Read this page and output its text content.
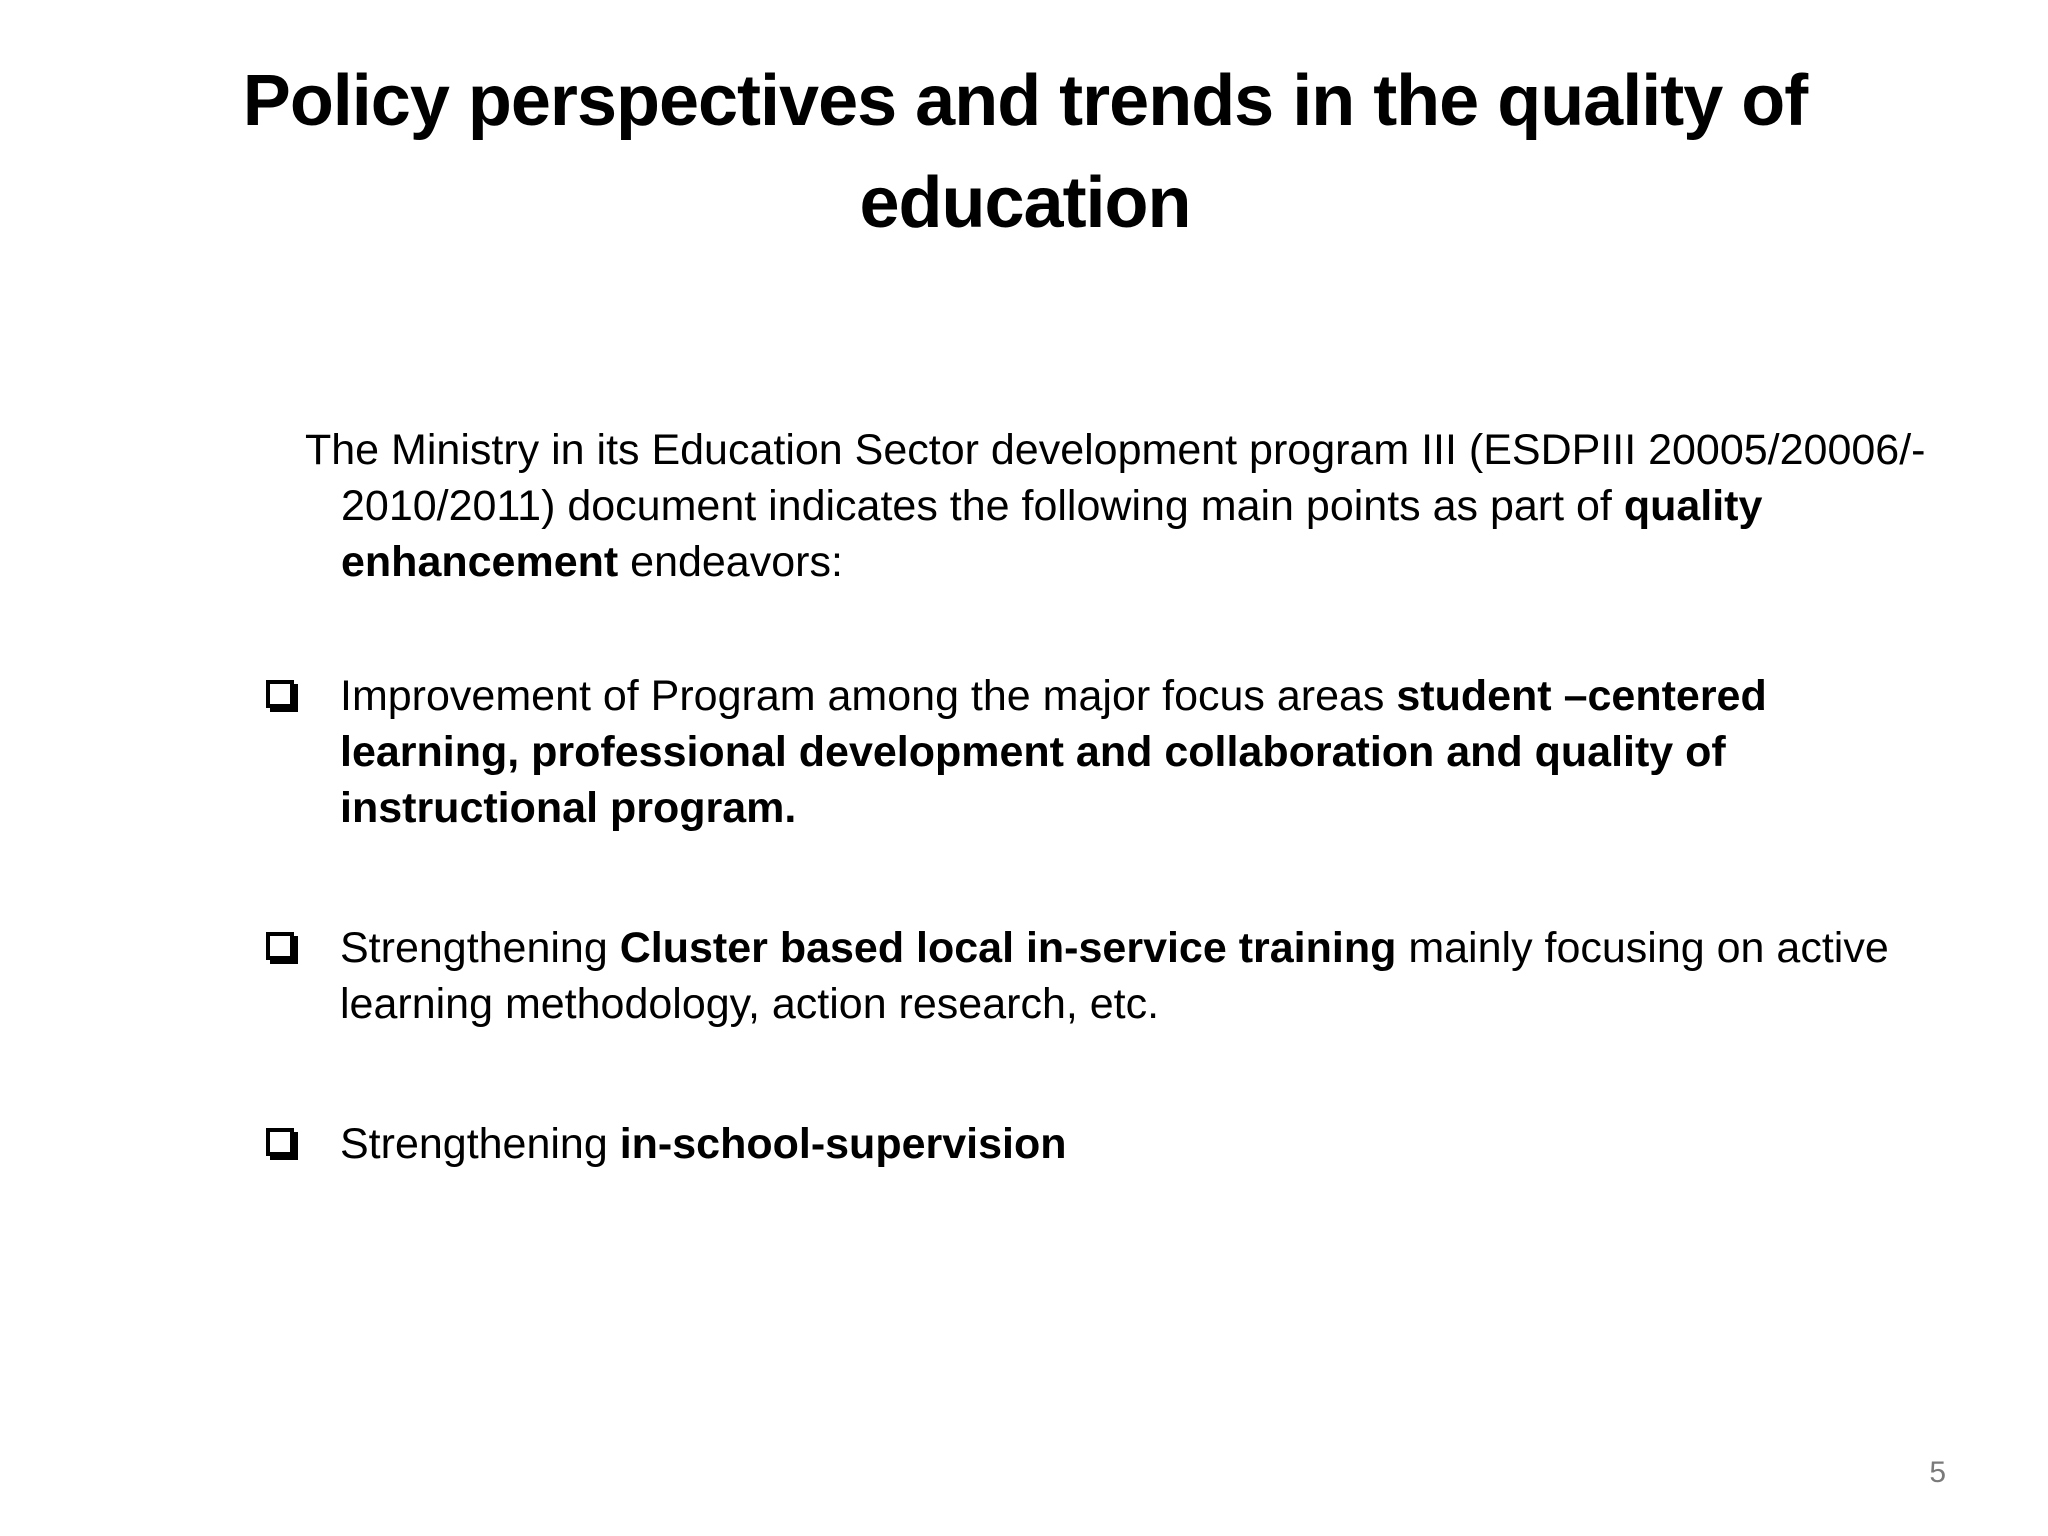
Policy perspectives and trends in the quality of education
The Ministry in its Education Sector development program III (ESDPIII 20005/20006/- 2010/2011) document indicates the following main points as part of quality enhancement endeavors:
Improvement of Program among the major focus areas student –centered learning, professional development and collaboration and quality of instructional program.
Strengthening Cluster based local in-service training mainly focusing on active learning methodology, action research, etc.
Strengthening in-school-supervision
5
